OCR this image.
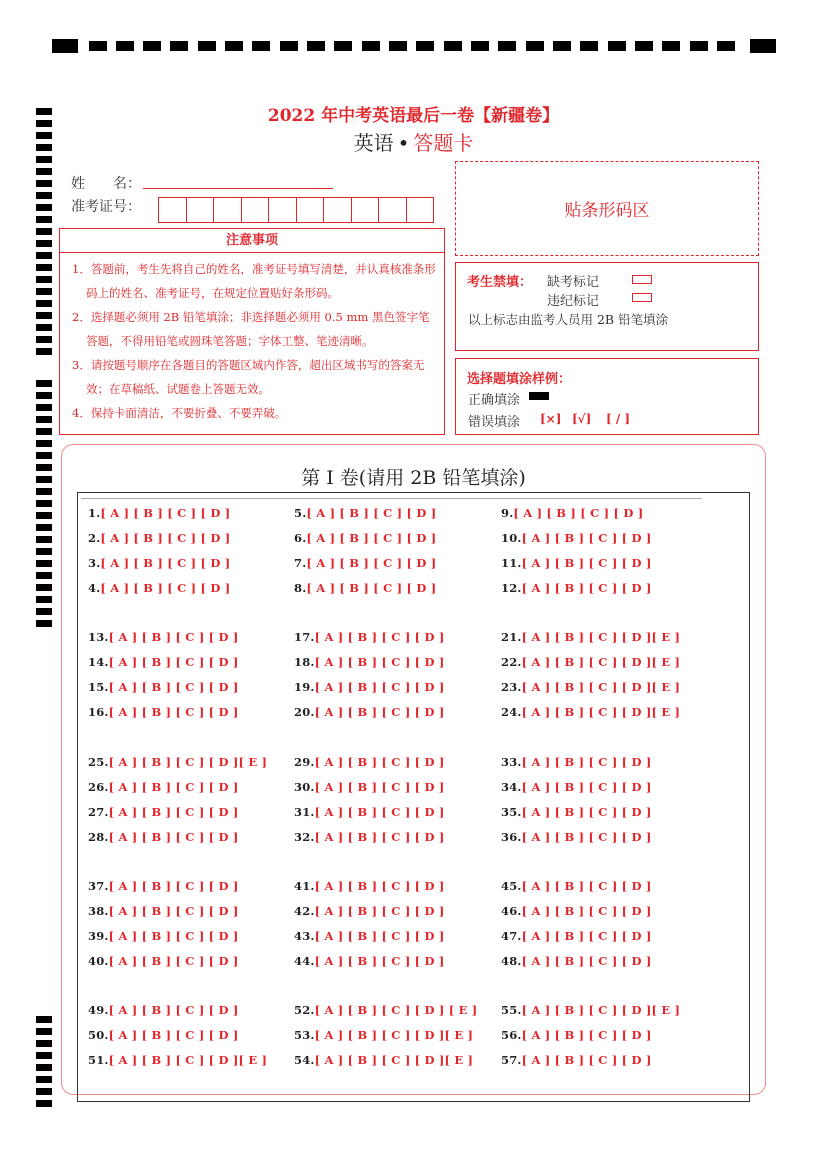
2022 年中考英语最后一卷【新疆卷】
英语 • 答题卡
姓　　名：
准考证号：	贴条形码区
注意事项
1．答题前，考生先将自己的姓名，准考证号填写清楚，并认真核准条形码上的姓名、准考证号，在规定位置贴好条形码。
2．选择题必须用 2B 铅笔填涂；非选择题必须用 0.5 mm 黑色签字笔答题，不得用铅笔或圆珠笔答题；字体工整、笔迹清晰。
3．请按题号顺序在各题目的答题区域内作答，超出区域书写的答案无效；在草稿纸、试题卷上答题无效。
4．保持卡面清洁，不要折叠、不要弄破。
考生禁填： 缺考标记
违纪标记
以上标志由监考人员用 2B 铅笔填涂
选择题填涂样例：
正确填涂
错误填涂 [×] [√] [ / ]
第 I 卷(请用 2B 铅笔填涂)
1.[ A ] [ B ] [ C ] [ D ]
2.[ A ] [ B ] [ C ] [ D ]
3.[ A ] [ B ] [ C ] [ D ]
4.[ A ] [ B ] [ C ] [ D ]
5.[ A ] [ B ] [ C ] [ D ]
6.[ A ] [ B ] [ C ] [ D ]
7.[ A ] [ B ] [ C ] [ D ]
8.[ A ] [ B ] [ C ] [ D ]
9.[ A ] [ B ] [ C ] [ D ]
10.[ A ] [ B ] [ C ] [ D ]
11.[ A ] [ B ] [ C ] [ D ]
12.[ A ] [ B ] [ C ] [ D ]
13.[ A ] [ B ] [ C ] [ D ]
14.[ A ] [ B ] [ C ] [ D ]
15.[ A ] [ B ] [ C ] [ D ]
16.[ A ] [ B ] [ C ] [ D ]
17.[ A ] [ B ] [ C ] [ D ]
18.[ A ] [ B ] [ C ] [ D ]
19.[ A ] [ B ] [ C ] [ D ]
20.[ A ] [ B ] [ C ] [ D ]
21.[ A ] [ B ] [ C ] [ D ][ E ]
22.[ A ] [ B ] [ C ] [ D ][ E ]
23.[ A ] [ B ] [ C ] [ D ][ E ]
24.[ A ] [ B ] [ C ] [ D ][ E ]
25.[ A ] [ B ] [ C ] [ D ][ E ]
26.[ A ] [ B ] [ C ] [ D ]
27.[ A ] [ B ] [ C ] [ D ]
28.[ A ] [ B ] [ C ] [ D ]
29.[ A ] [ B ] [ C ] [ D ]
30.[ A ] [ B ] [ C ] [ D ]
31.[ A ] [ B ] [ C ] [ D ]
32.[ A ] [ B ] [ C ] [ D ]
33.[ A ] [ B ] [ C ] [ D ]
34.[ A ] [ B ] [ C ] [ D ]
35.[ A ] [ B ] [ C ] [ D ]
36.[ A ] [ B ] [ C ] [ D ]
37.[ A ] [ B ] [ C ] [ D ]
38.[ A ] [ B ] [ C ] [ D ]
39.[ A ] [ B ] [ C ] [ D ]
40.[ A ] [ B ] [ C ] [ D ]
41.[ A ] [ B ] [ C ] [ D ]
42.[ A ] [ B ] [ C ] [ D ]
43.[ A ] [ B ] [ C ] [ D ]
44.[ A ] [ B ] [ C ] [ D ]
45.[ A ] [ B ] [ C ] [ D ]
46.[ A ] [ B ] [ C ] [ D ]
47.[ A ] [ B ] [ C ] [ D ]
48.[ A ] [ B ] [ C ] [ D ]
49.[ A ] [ B ] [ C ] [ D ]
50.[ A ] [ B ] [ C ] [ D ]
51.[ A ] [ B ] [ C ] [ D ][ E ]
52.[ A ] [ B ] [ C ] [ D ] [ E ]
53.[ A ] [ B ] [ C ] [ D ][ E ]
54.[ A ] [ B ] [ C ] [ D ][ E ]
55.[ A ] [ B ] [ C ] [ D ][ E ]
56.[ A ] [ B ] [ C ] [ D ]
57.[ A ] [ B ] [ C ] [ D ]
